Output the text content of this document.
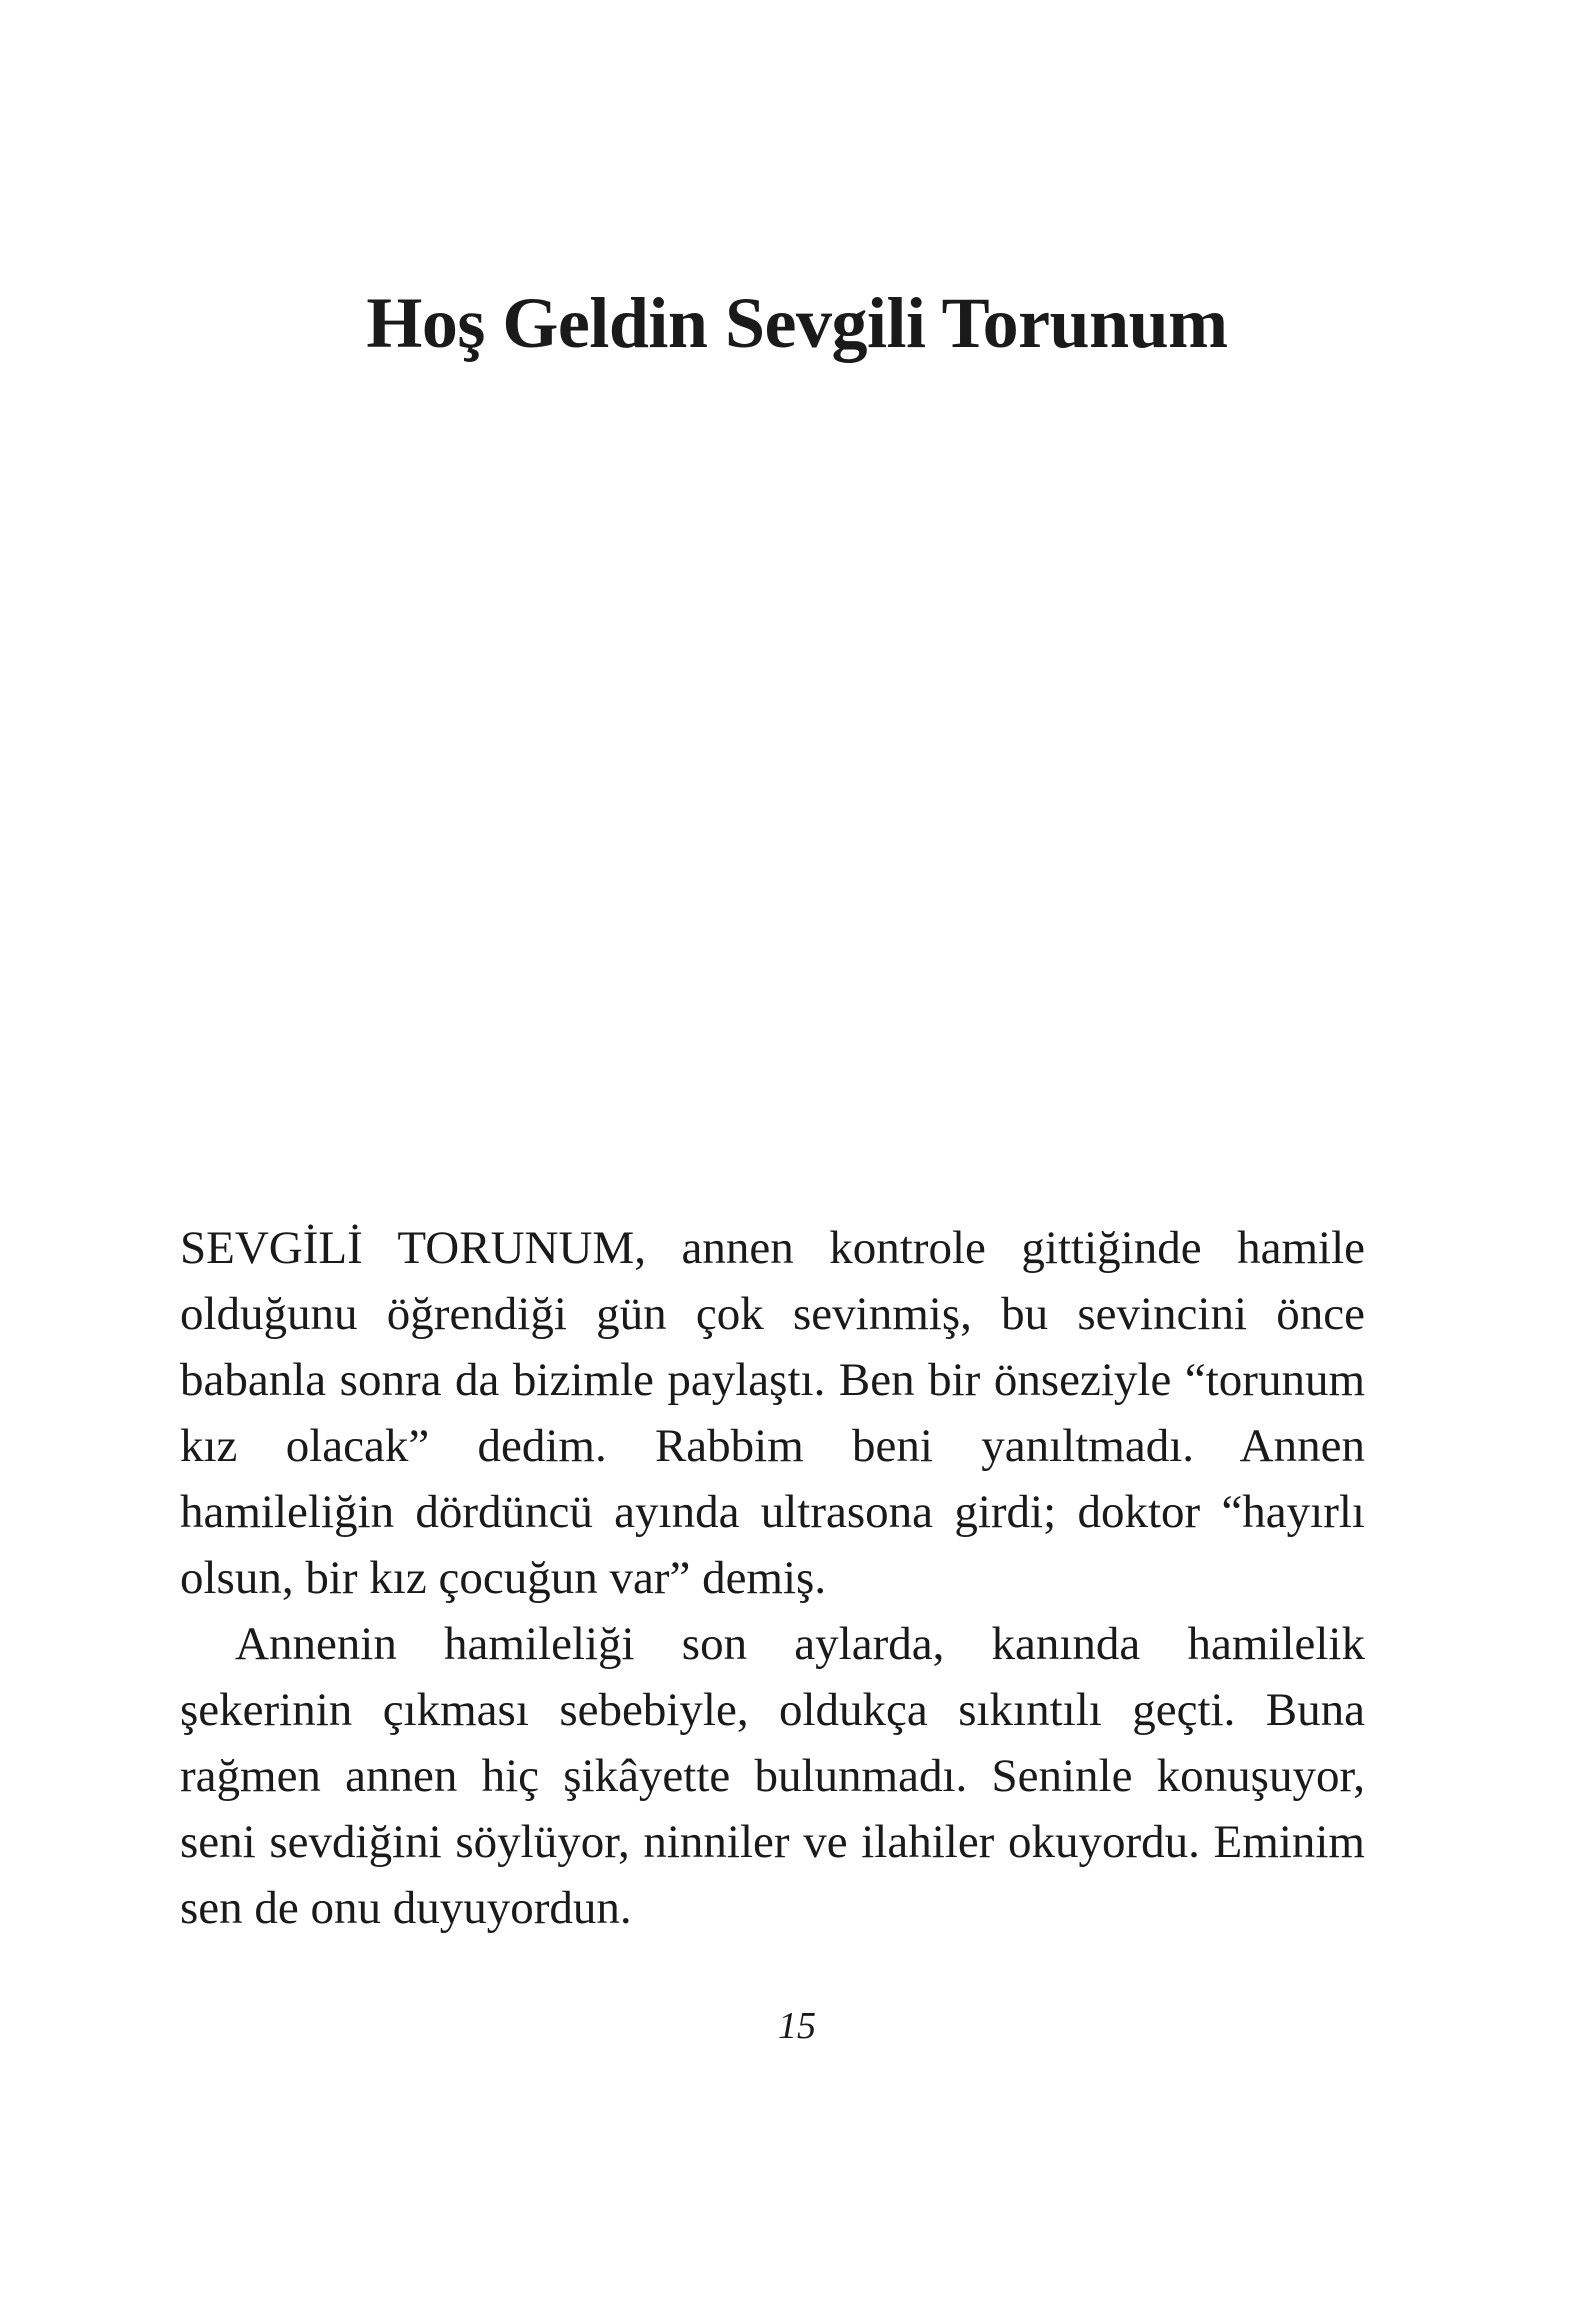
Hoş Geldin Sevgili Torunum

SEVGİLİ TORUNUM, annen kontrole gittiğinde hamile olduğunu öğrendiği gün çok sevinmiş, bu sevincini önce babanla sonra da bizimle paylaştı. Ben bir önseziyle “torunum kız olacak” dedim. Rabbim beni yanıltmadı. Annen hamileliğin dördüncü ayında ultrasona girdi; doktor “hayırlı olsun, bir kız çocuğun var” demiş.

Annenin hamileliği son aylarda, kanında hamilelik şekerinin çıkması sebebiyle, oldukça sıkıntılı geçti. Buna rağmen annen hiç şikâyette bulunmadı. Seninle konuşuyor, seni sevdiğini söylüyor, ninniler ve ilahiler okuyordu. Eminim sen de onu duyuyordun.

15
